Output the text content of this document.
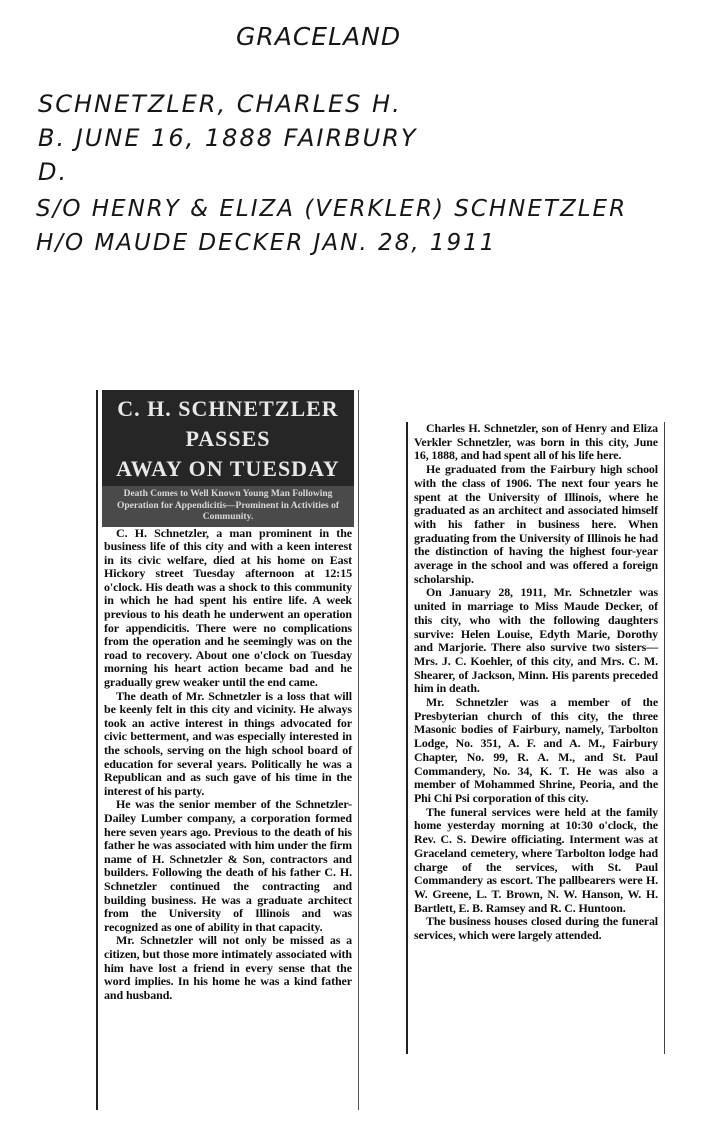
GRACELAND
SCHNETZLER, CHARLES H.
B. JUNE 16, 1888 FAIRBURY
D.
S/O HENRY & ELIZA (VERKLER) SCHNETZLER
H/O MAUDE DECKER JAN. 28, 1911
C. H. SCHNETZLER PASSES
AWAY ON TUESDAY
Death Comes to Well Known Young Man Following Operation for Appendicitis—Prominent in Activities of Community.

C. H. Schnetzler, a man prominent in the business life of this city and with a keen interest in its civic welfare, died at his home on East Hickory street Tuesday afternoon at 12:15 o'clock. His death was a shock to this community in which he had spent his entire life. A week previous to his death he underwent an operation for appendicitis. There were no complications from the operation and he seemingly was on the road to recovery. About one o'clock on Tuesday morning his heart action became bad and he gradually grew weaker until the end came.

The death of Mr. Schnetzler is a loss that will be keenly felt in this city and vicinity. He always took an active interest in things advocated for civic betterment, and was especially interested in the schools, serving on the high school board of education for several years. Politically he was a Republican and as such gave of his time in the interest of his party.

He was the senior member of the Schnetzler-Dailey Lumber company, a corporation formed here seven years ago. Previous to the death of his father he was associated with him under the firm name of H. Schnetzler & Son, contractors and builders. Following the death of his father C. H. Schnetzler continued the contracting and building business. He was a graduate architect from the University of Illinois and was recognized as one of ability in that capacity.

Mr. Schnetzler will not only be missed as a citizen, but those more intimately associated with him have lost a friend in every sense that the word implies. In his home he was a kind father and husband.

Charles H. Schnetzler, son of Henry and Eliza Verkler Schnetzler, was born in this city, June 16, 1888, and had spent all of his life here.

He graduated from the Fairbury high school with the class of 1906. The next four years he spent at the University of Illinois, where he graduated as an architect and associated himself with his father in business here. When graduating from the University of Illinois he had the distinction of having the highest four-year average in the school and was offered a foreign scholarship.

On January 28, 1911, Mr. Schnetzler was united in marriage to Miss Maude Decker, of this city, who with the following daughters survive: Helen Louise, Edyth Marie, Dorothy and Marjorie. There also survive two sisters—Mrs. J. C. Koehler, of this city, and Mrs. C. M. Shearer, of Jackson, Minn. His parents preceded him in death.

Mr. Schnetzler was a member of the Presbyterian church of this city, the three Masonic bodies of Fairbury, namely, Tarbolton Lodge, No. 351, A. F. and A. M., Fairbury Chapter, No. 99, R. A. M., and St. Paul Commandery, No. 34, K. T. He was also a member of Mohammed Shrine, Peoria, and the Phi Chi Psi corporation of this city.

The funeral services were held at the family home yesterday morning at 10:30 o'clock, the Rev. C. S. Dewire officiating. Interment was at Graceland cemetery, where Tarbolton lodge had charge of the services, with St. Paul Commandery as escort. The pallbearers were H. W. Greene, L. T. Brown, N. W. Hanson, W. H. Bartlett, E. B. Ramsey and R. C. Huntoon.

The business houses closed during the funeral services, which were largely attended.
